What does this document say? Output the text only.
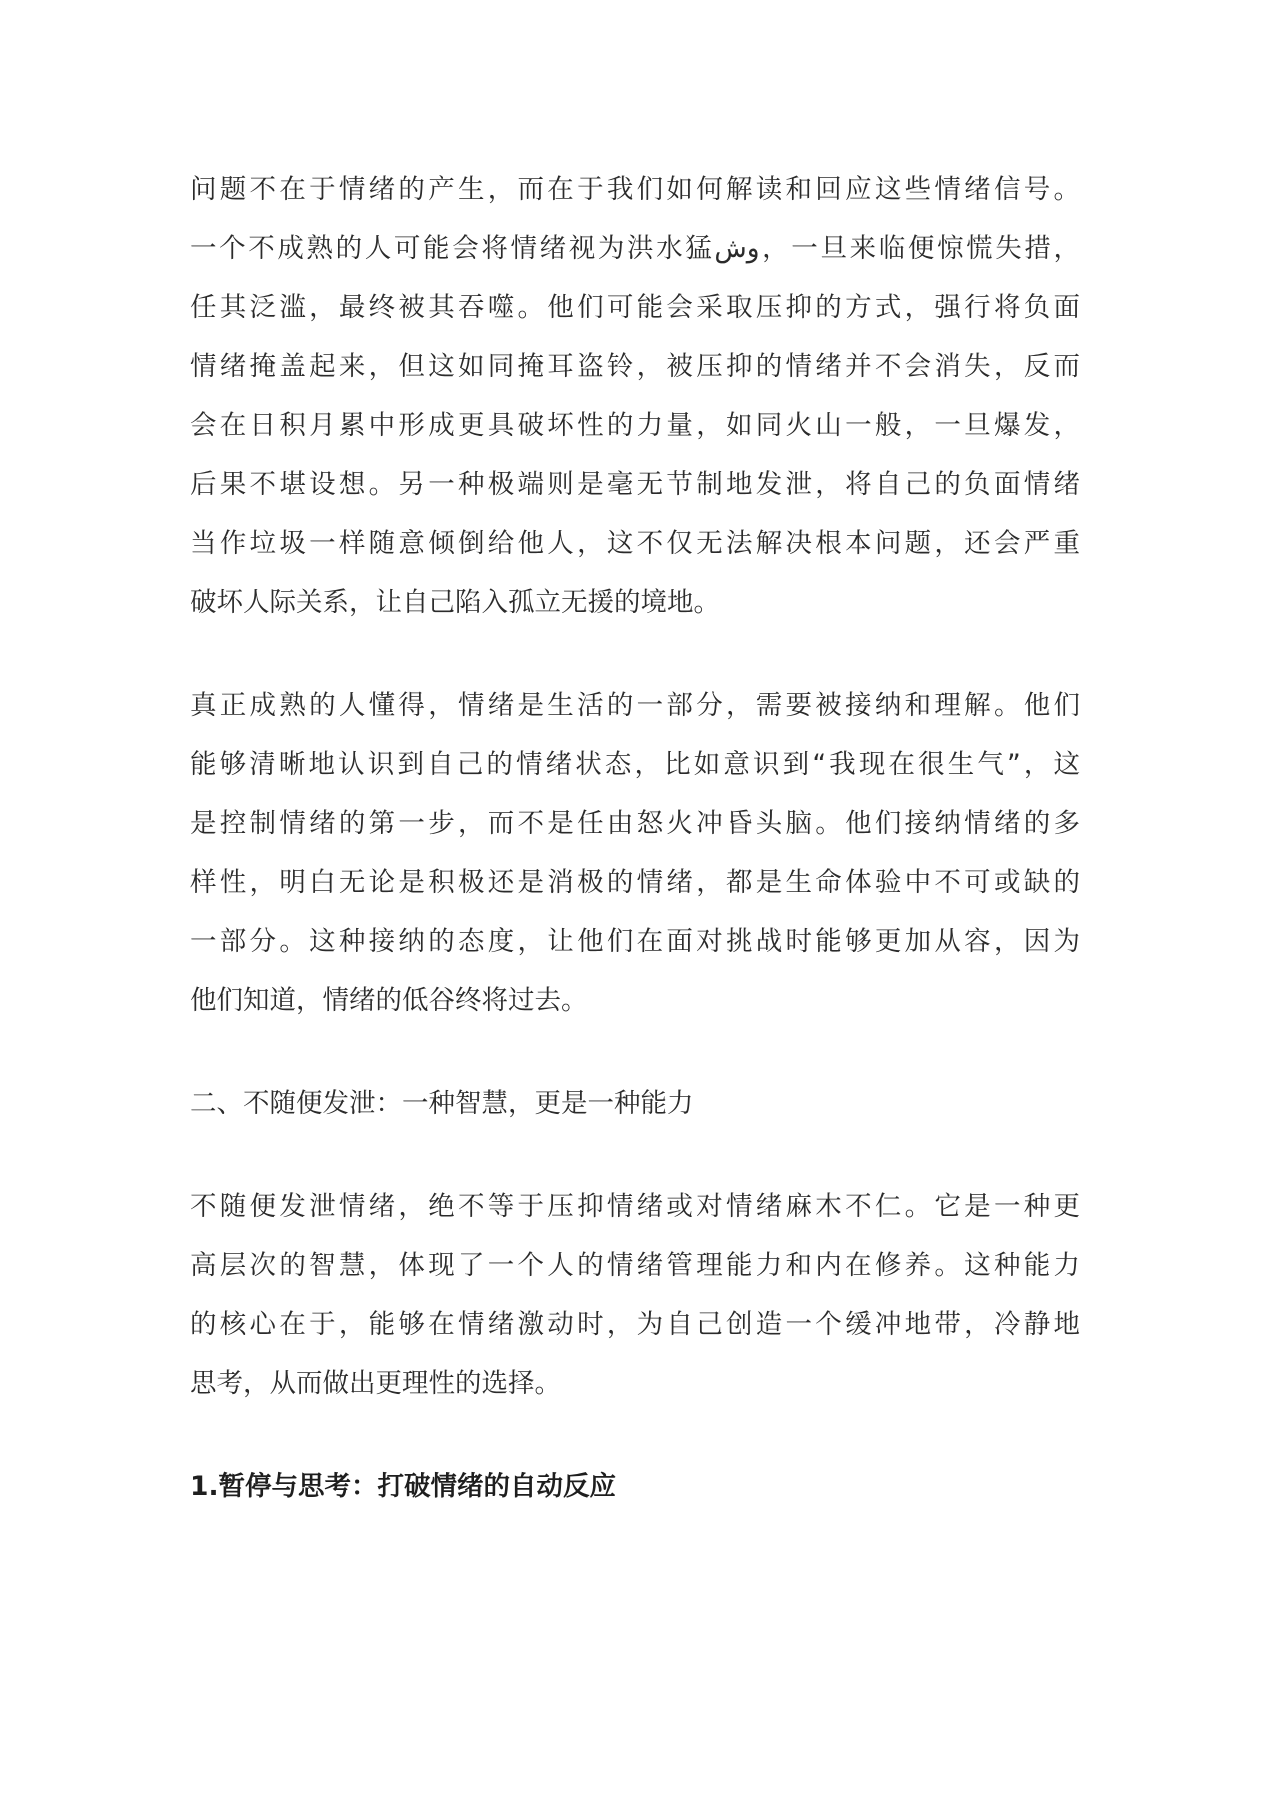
问题不在于情绪的产生，而在于我们如何解读和回应这些情绪信号。
一个不成熟的人可能会将情绪视为洪水猛وش，一旦来临便惊慌失措，
任其泛滥，最终被其吞噬。他们可能会采取压抑的方式，强行将负面
情绪掩盖起来，但这如同掩耳盗铃，被压抑的情绪并不会消失，反而
会在日积月累中形成更具破坏性的力量，如同火山一般，一旦爆发，
后果不堪设想。另一种极端则是毫无节制地发泄，将自己的负面情绪
当作垃圾一样随意倾倒给他人，这不仅无法解决根本问题，还会严重
破坏人际关系，让自己陷入孤立无援的境地。
真正成熟的人懂得，情绪是生活的一部分，需要被接纳和理解。他们
能够清晰地认识到自己的情绪状态，比如意识到“我现在很生气”，这
是控制情绪的第一步，而不是任由怒火冲昏头脑。他们接纳情绪的多
样性，明白无论是积极还是消极的情绪，都是生命体验中不可或缺的
一部分。这种接纳的态度，让他们在面对挑战时能够更加从容，因为
他们知道，情绪的低谷终将过去。
二、不随便发泄：一种智慧，更是一种能力
不随便发泄情绪，绝不等于压抑情绪或对情绪麻木不仁。它是一种更
高层次的智慧，体现了一个人的情绪管理能力和内在修养。这种能力
的核心在于，能够在情绪激动时，为自己创造一个缓冲地带，冷静地
思考，从而做出更理性的选择。
1.暂停与思考：打破情绪的自动反应
